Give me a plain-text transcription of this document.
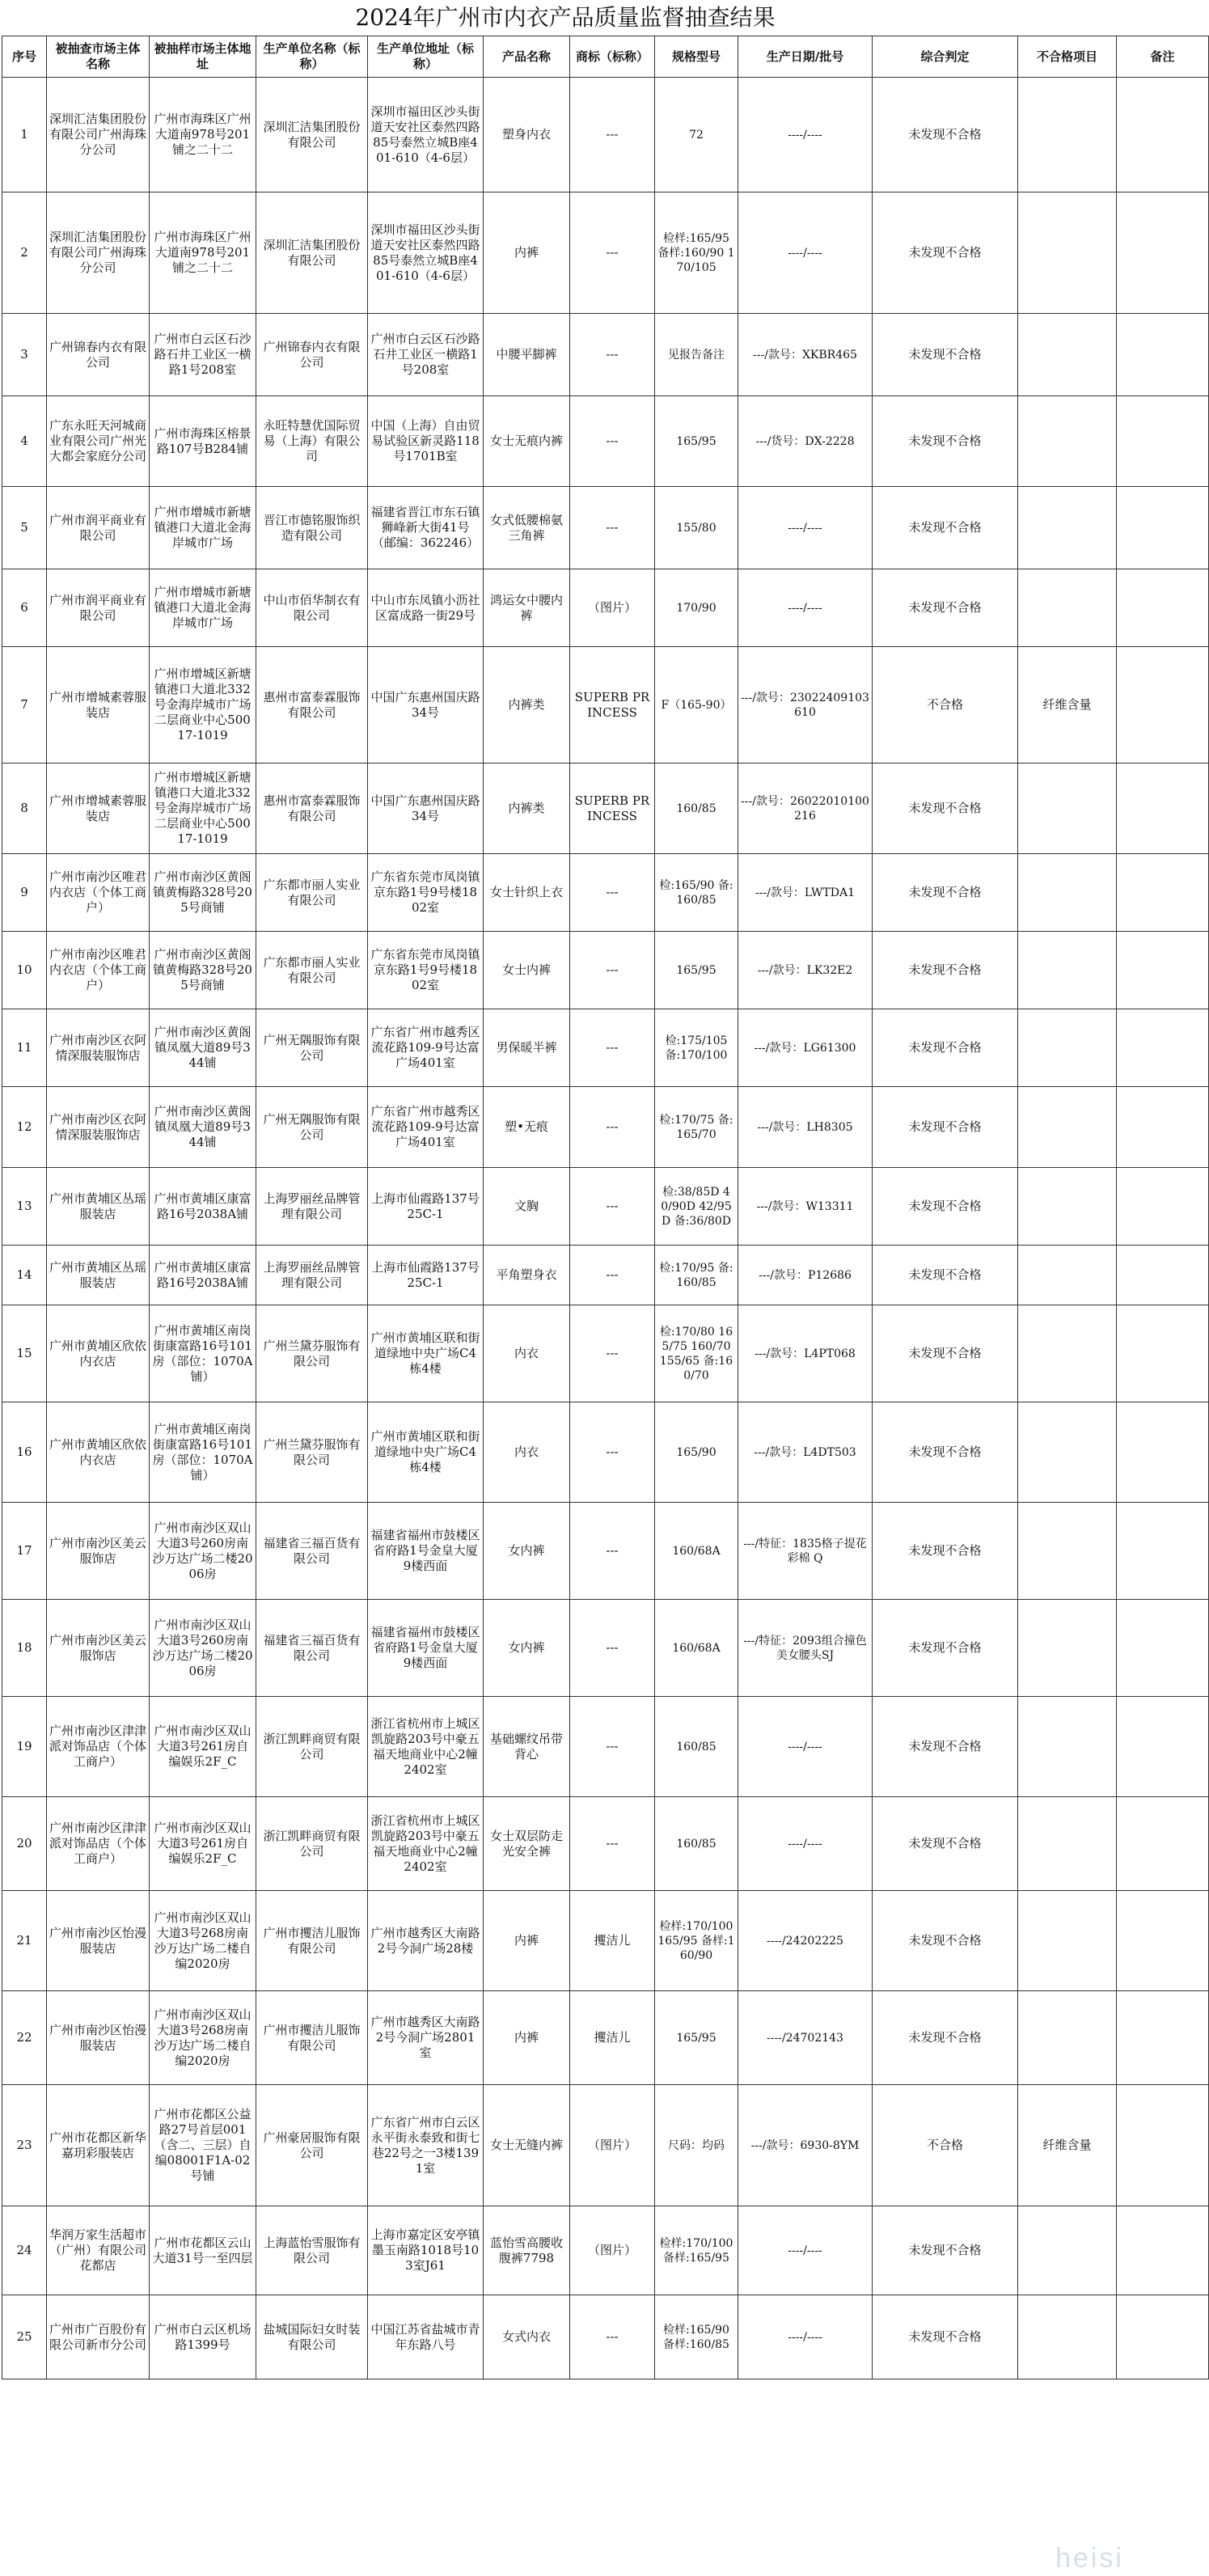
2024年广州市内衣产品质量监督抽查结果
序号	被抽查市场主体名称	被抽样市场主体地址	生产单位名称（标称）	生产单位地址（标称）	产品名称	商标（标称）	规格型号	生产日期/批号	综合判定	不合格项目	备注
1	深圳汇洁集团股份有限公司广州海珠分公司	广州市海珠区广州大道南978号201铺之二十二	深圳汇洁集团股份有限公司	深圳市福田区沙头街道天安社区泰然四路85号泰然立城B座401-610（4-6层）	塑身内衣	---	72	----/----	未发现不合格		
2	深圳汇洁集团股份有限公司广州海珠分公司	广州市海珠区广州大道南978号201铺之二十二	深圳汇洁集团股份有限公司	深圳市福田区沙头街道天安社区泰然四路85号泰然立城B座401-610（4-6层）	内裤	---	检样:165/95 备样:160/90 170/105	----/----	未发现不合格		
3	广州锦春内衣有限公司	广州市白云区石沙路石井工业区一横路1号208室	广州锦春内衣有限公司	广州市白云区石沙路石井工业区一横路1号208室	中腰平脚裤	---	见报告备注	---/款号：XKBR465	未发现不合格		
4	广东永旺天河城商业有限公司广州光大都会家庭分公司	广州市海珠区榕景路107号B284铺	永旺特慧优国际贸易（上海）有限公司	中国（上海）自由贸易试验区新灵路118号1701B室	女士无痕内裤	---	165/95	---/货号：DX-2228	未发现不合格		
5	广州市润平商业有限公司	广州市增城市新塘镇港口大道北金海岸城市广场	晋江市德铭服饰织造有限公司	福建省晋江市东石镇狮峰新大街41号（邮编：362246）	女式低腰棉氨三角裤	---	155/80	----/----	未发现不合格		
6	广州市润平商业有限公司	广州市增城市新塘镇港口大道北金海岸城市广场	中山市佰华制衣有限公司	中山市东凤镇小沥社区富成路一街29号	鸿运女中腰内裤	（图片）	170/90	----/----	未发现不合格		
7	广州市增城素蓉服装店	广州市增城区新塘镇港口大道北332号金海岸城市广场二层商业中心50017-1019	惠州市富泰霖服饰有限公司	中国广东惠州国庆路34号	内裤类	SUPERB PRINCESS	F（165-90）	---/款号：23022409103610	不合格	纤维含量	
8	广州市增城素蓉服装店	广州市增城区新塘镇港口大道北332号金海岸城市广场二层商业中心50017-1019	惠州市富泰霖服饰有限公司	中国广东惠州国庆路34号	内裤类	SUPERB PRINCESS	160/85	---/款号：26022010100216	未发现不合格		
9	广州市南沙区唯君内衣店（个体工商户）	广州市南沙区黄阁镇黄梅路328号205号商铺	广东都市丽人实业有限公司	广东省东莞市凤岗镇京东路1号9号楼1802室	女士针织上衣	---	检:165/90 备:160/85	---/款号：LWTDA1	未发现不合格		
10	广州市南沙区唯君内衣店（个体工商户）	广州市南沙区黄阁镇黄梅路328号205号商铺	广东都市丽人实业有限公司	广东省东莞市凤岗镇京东路1号9号楼1802室	女士内裤	---	165/95	---/款号：LK32E2	未发现不合格		
11	广州市南沙区衣阿情深服装服饰店	广州市南沙区黄阁镇凤凰大道89号344铺	广州无隅服饰有限公司	广东省广州市越秀区流花路109-9号达富广场401室	男保暖半裤	---	检:175/105 备:170/100	---/款号：LG61300	未发现不合格		
12	广州市南沙区衣阿情深服装服饰店	广州市南沙区黄阁镇凤凰大道89号344铺	广州无隅服饰有限公司	广东省广州市越秀区流花路109-9号达富广场401室	塑•无痕	---	检:170/75 备:165/70	---/款号：LH8305	未发现不合格		
13	广州市黄埔区丛瑶服装店	广州市黄埔区康富路16号2038A铺	上海罗丽丝品牌管理有限公司	上海市仙霞路137号25C-1	文胸	---	检:38/85D 40/90D 42/95D 备:36/80D	---/款号：W13311	未发现不合格		
14	广州市黄埔区丛瑶服装店	广州市黄埔区康富路16号2038A铺	上海罗丽丝品牌管理有限公司	上海市仙霞路137号25C-1	平角塑身衣	---	检:170/95 备:160/85	---/款号：P12686	未发现不合格		
15	广州市黄埔区欣依内衣店	广州市黄埔区南岗街康富路16号101房（部位：1070A铺）	广州兰黛芬服饰有限公司	广州市黄埔区联和街道绿地中央广场C4栋4楼	内衣	---	检:170/80 165/75 160/70 155/65 备:160/70	---/款号：L4PT068	未发现不合格		
16	广州市黄埔区欣依内衣店	广州市黄埔区南岗街康富路16号101房（部位：1070A铺）	广州兰黛芬服饰有限公司	广州市黄埔区联和街道绿地中央广场C4栋4楼	内衣	---	165/90	---/款号：L4DT503	未发现不合格		
17	广州市南沙区美云服饰店	广州市南沙区双山大道3号260房南沙万达广场二楼2006房	福建省三福百货有限公司	福建省福州市鼓楼区省府路1号金皇大厦9楼西面	女内裤	---	160/68A	---/特征：1835格子提花彩棉 Q	未发现不合格		
18	广州市南沙区美云服饰店	广州市南沙区双山大道3号260房南沙万达广场二楼2006房	福建省三福百货有限公司	福建省福州市鼓楼区省府路1号金皇大厦9楼西面	女内裤	---	160/68A	---/特征：2093组合撞色美女腰头SJ	未发现不合格		
19	广州市南沙区津津派对饰品店（个体工商户）	广州市南沙区双山大道3号261房自编娱乐2F_C	浙江凯畔商贸有限公司	浙江省杭州市上城区凯旋路203号中豪五福天地商业中心2幢2402室	基础螺纹吊带背心	---	160/85	----/----	未发现不合格		
20	广州市南沙区津津派对饰品店（个体工商户）	广州市南沙区双山大道3号261房自编娱乐2F_C	浙江凯畔商贸有限公司	浙江省杭州市上城区凯旋路203号中豪五福天地商业中心2幢2402室	女士双层防走光安全裤	---	160/85	----/----	未发现不合格		
21	广州市南沙区怡漫服装店	广州市南沙区双山大道3号268房南沙万达广场二楼自编2020房	广州市攫洁儿服饰有限公司	广州市越秀区大南路2号今洞广场28楼	内裤	攫洁儿	检样:170/100 165/95 备样:160/90	----/24202225	未发现不合格		
22	广州市南沙区怡漫服装店	广州市南沙区双山大道3号268房南沙万达广场二楼自编2020房	广州市攫洁儿服饰有限公司	广州市越秀区大南路2号今洞广场2801室	内裤	攫洁儿	165/95	----/24702143	未发现不合格		
23	广州市花都区新华嘉玥彩服装店	广州市花都区公益路27号首层001（含二、三层）自编08001F1A-02号铺	广州豪居服饰有限公司	广东省广州市白云区永平街永泰致和街七巷22号之一3楼1391室	女士无缝内裤	（图片）	尺码：均码	---/款号：6930-8YM	不合格	纤维含量	
24	华润万家生活超市（广州）有限公司花都店	广州市花都区云山大道31号一至四层	上海蓝怡雪服饰有限公司	上海市嘉定区安亭镇墨玉南路1018号103室J61	蓝怡雪高腰收腹裤7798	（图片）	检样:170/100 备样:165/95	----/----	未发现不合格		
25	广州市广百股份有限公司新市分公司	广州市白云区机场路1399号	盐城国际妇女时装有限公司	中国江苏省盐城市青年东路八号	女式内衣	---	检样:165/90 备样:160/85	----/----	未发现不合格		
heisi
